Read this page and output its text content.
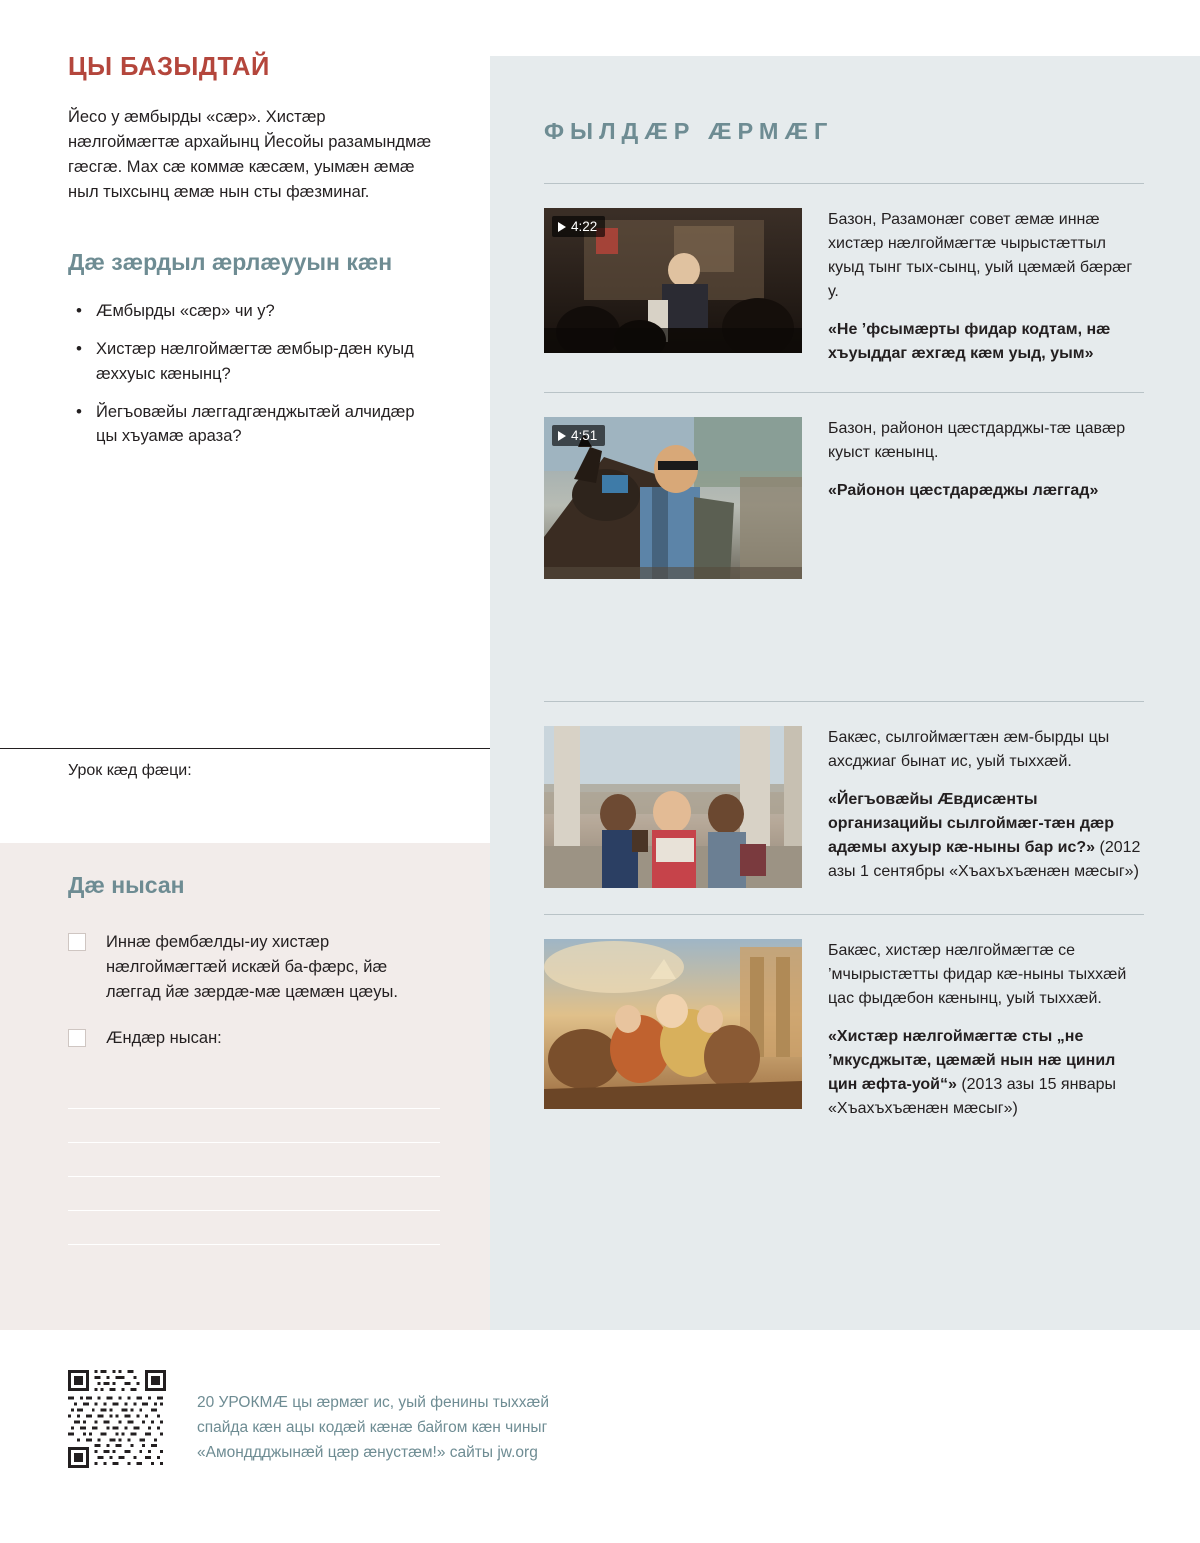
ЦЫ БАЗЫДТАЙ

Йесо у æмбырды «сæр». Хистæр нæлгоймæгтæ архайынц Йесойы разамындмæ гæсгæ. Мах сæ коммæ кæсæм, уымæн æмæ ныл тыхсынц æмæ нын сты фæзминаг.

Дæ зæрдыл æрлæууын кæн
• Æмбырды «сæр» чи у?
• Хистæр нæлгоймæгтæ æмбыр-дæн куыд æххуыс кæнынц?
• Йегъовæйы лæггадгæнджытæй алчидæр цы хъуамæ араза?
Урок кæд фæци:
Дæ нысан
Иннæ фембæлды-иу хистæр нæлгоймæгтæй искæй ба-фæрс, йæ лæггад йæ зæрдæ-мæ цæмæн цæуы.
Æндæр нысан:
ФЫЛДÆР ÆРМÆГ
4:22	Базон, Разамонæг совет æмæ иннæ хистæр нæлгоймæгтæ чырыстæттыл куыд тынг тых-сынц, уый цæмæй бæрæг у.

«Не ’фсымæрты фидар кодтам, нæ хъуыддаг æхгæд кæм уыд, уым»

4:51	Базон, районон цæстдарджы-тæ цавæр куыст кæнынц.

«Районон цæстдарæджы лæггад»

Бакæс, сылгоймæгтæн æм-бырды цы ахсджиаг бынат ис, уый тыххæй.

«Йегъовæйы Æвдисæнты организацийы сылгоймæг-тæн дæр адæмы ахуыр кæ-ныны бар ис?» (2012 азы 1 сентябры «Хъахъхъæнæн мæсыг»)

Бакæс, хистæр нæлгоймæгтæ се ’мчырыстæтты фидар кæ-ныны тыххæй цас фыдæбон кæнынц, уый тыххæй.

«Хистæр нæлгоймæгтæ сты „не ’мкусджытæ, цæмæй нын нæ цинил цин æфта-уой“» (2013 азы 15 январы «Хъахъхъæнæн мæсыг»)

20 УРОКМÆ цы æрмæг ис, уый фенины тыххæй

спайда кæн ацы кодæй кæнæ байгом кæн чиныг

«Амонддджынæй цæр æнустæм!» сайты jw.org
